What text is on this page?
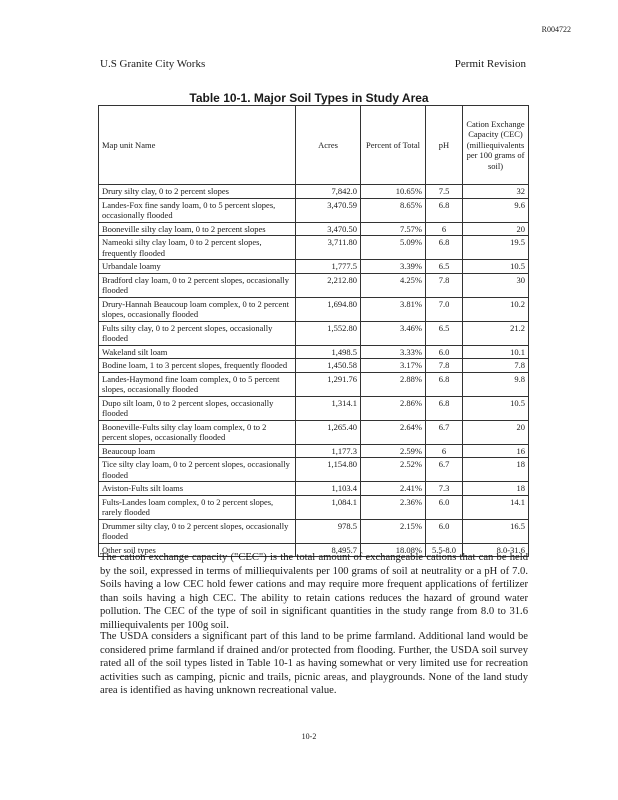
R004722
U.S Granite City Works	Permit Revision
Table 10-1. Major Soil Types in Study Area
Map unit Name	Acres	Percent of Total	pH	Cation Exchange Capacity (CEC) (milliequivalents per 100 grams of soil)
Drury silty clay, 0 to 2 percent slopes	7,842.0	10.65%	7.5	32
Landes-Fox fine sandy loam, 0 to 5 percent slopes, occasionally flooded	3,470.59	8.65%	6.8	9.6
Booneville silty clay loam, 0 to 2 percent slopes	3,470.50	7.57%	6	20
Nameoki silty clay loam, 0 to 2 percent slopes, frequently flooded	3,711.80	5.09%	6.8	19.5
Urbandale loamy	1,777.5	3.39%	6.5	10.5
Bradford clay loam, 0 to 2 percent slopes, occasionally flooded	2,212.80	4.25%	7.8	30
Drury-Hannah Beaucoup loam complex, 0 to 2 percent slopes, occasionally flooded	1,694.80	3.81%	7.0	10.2
Fults silty clay, 0 to 2 percent slopes, occasionally flooded	1,552.80	3.46%	6.5	21.2
Wakeland silt loam	1,498.5	3.33%	6.0	10.1
Bodine loam, 1 to 3 percent slopes, frequently flooded	1,450.58	3.17%	7.8	7.8
Landes-Haymond fine loam complex, 0 to 5 percent slopes, occasionally flooded	1,291.76	2.88%	6.8	9.8
Dupo silt loam, 0 to 2 percent slopes, occasionally flooded	1,314.1	2.86%	6.8	10.5
Booneville-Fults silty clay loam complex, 0 to 2 percent slopes, occasionally flooded	1,265.40	2.64%	6.7	20
Beaucoup loam	1,177.3	2.59%	6	16
Tice silty clay loam, 0 to 2 percent slopes, occasionally flooded	1,154.80	2.52%	6.7	18
Aviston-Fults silt loams	1,103.4	2.41%	7.3	18
Fults-Landes loam complex, 0 to 2 percent slopes, rarely flooded	1,084.1	2.36%	6.0	14.1
Drummer silty clay, 0 to 2 percent slopes, occasionally flooded	978.5	2.15%	6.0	16.5
Other soil types	8,495.7	18.08%	5.5-8.0	8.0-31.6
The cation exchange capacity ("CEC") is the total amount of exchangeable cations that can be held by the soil, expressed in terms of milliequivalents per 100 grams of soil at neutrality or a pH of 7.0. Soils having a low CEC hold fewer cations and may require more frequent applications of fertilizer than soils having a high CEC. The ability to retain cations reduces the hazard of ground water pollution. The CEC of the type of soil in significant quantities in the study range from 8.0 to 31.6 milliequivalents per 100g soil.
The USDA considers a significant part of this land to be prime farmland. Additional land would be considered prime farmland if drained and/or protected from flooding. Further, the USDA soil survey rated all of the soil types listed in Table 10-1 as having somewhat or very limited use for recreation activities such as camping, picnic and trails, picnic areas, and playgrounds. None of the land study area is identified as having unknown recreational value.
10-2
